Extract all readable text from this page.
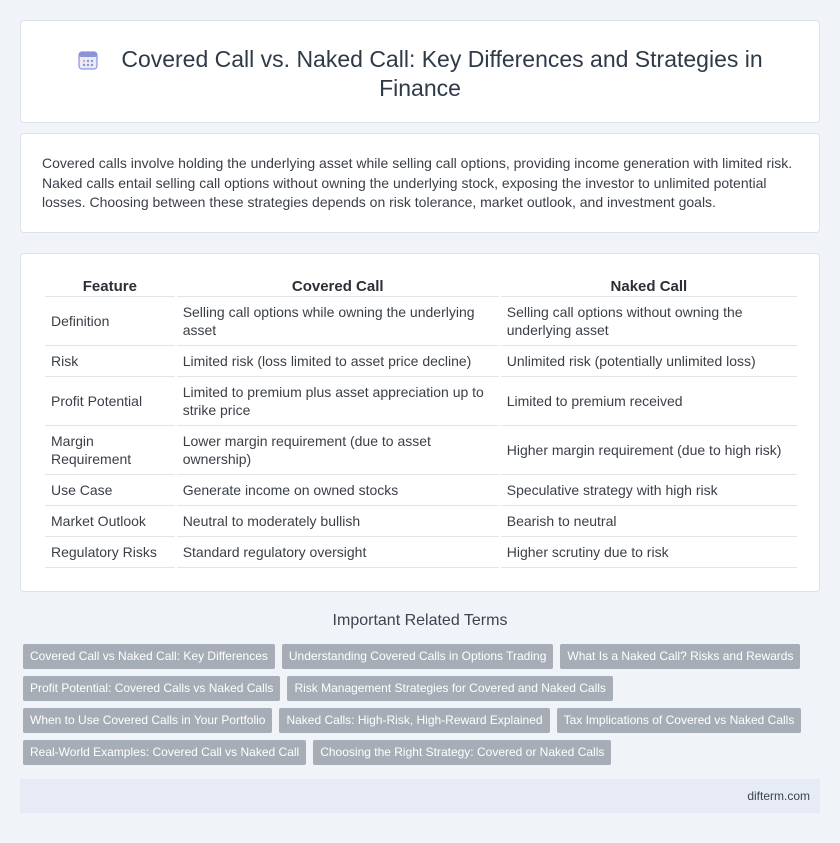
Covered Call vs. Naked Call: Key Differences and Strategies in Finance

Covered calls involve holding the underlying asset while selling call options, providing income generation with limited risk. Naked calls entail selling call options without owning the underlying stock, exposing the investor to unlimited potential losses. Choosing between these strategies depends on risk tolerance, market outlook, and investment goals.

Feature	Covered Call	Naked Call
Definition	Selling call options while owning the underlying asset	Selling call options without owning the underlying asset
Risk	Limited risk (loss limited to asset price decline)	Unlimited risk (potentially unlimited loss)
Profit Potential	Limited to premium plus asset appreciation up to strike price	Limited to premium received
Margin Requirement	Lower margin requirement (due to asset ownership)	Higher margin requirement (due to high risk)
Use Case	Generate income on owned stocks	Speculative strategy with high risk
Market Outlook	Neutral to moderately bullish	Bearish to neutral
Regulatory Risks	Standard regulatory oversight	Higher scrutiny due to risk
Important Related Terms
Covered Call vs Naked Call: Key Differences	Understanding Covered Calls in Options Trading	What Is a Naked Call? Risks and Rewards
Profit Potential: Covered Calls vs Naked Calls	Risk Management Strategies for Covered and Naked Calls
When to Use Covered Calls in Your Portfolio	Naked Calls: High-Risk, High-Reward Explained	Tax Implications of Covered vs Naked Calls
Real-World Examples: Covered Call vs Naked Call	Choosing the Right Strategy: Covered or Naked Calls
difterm.com
